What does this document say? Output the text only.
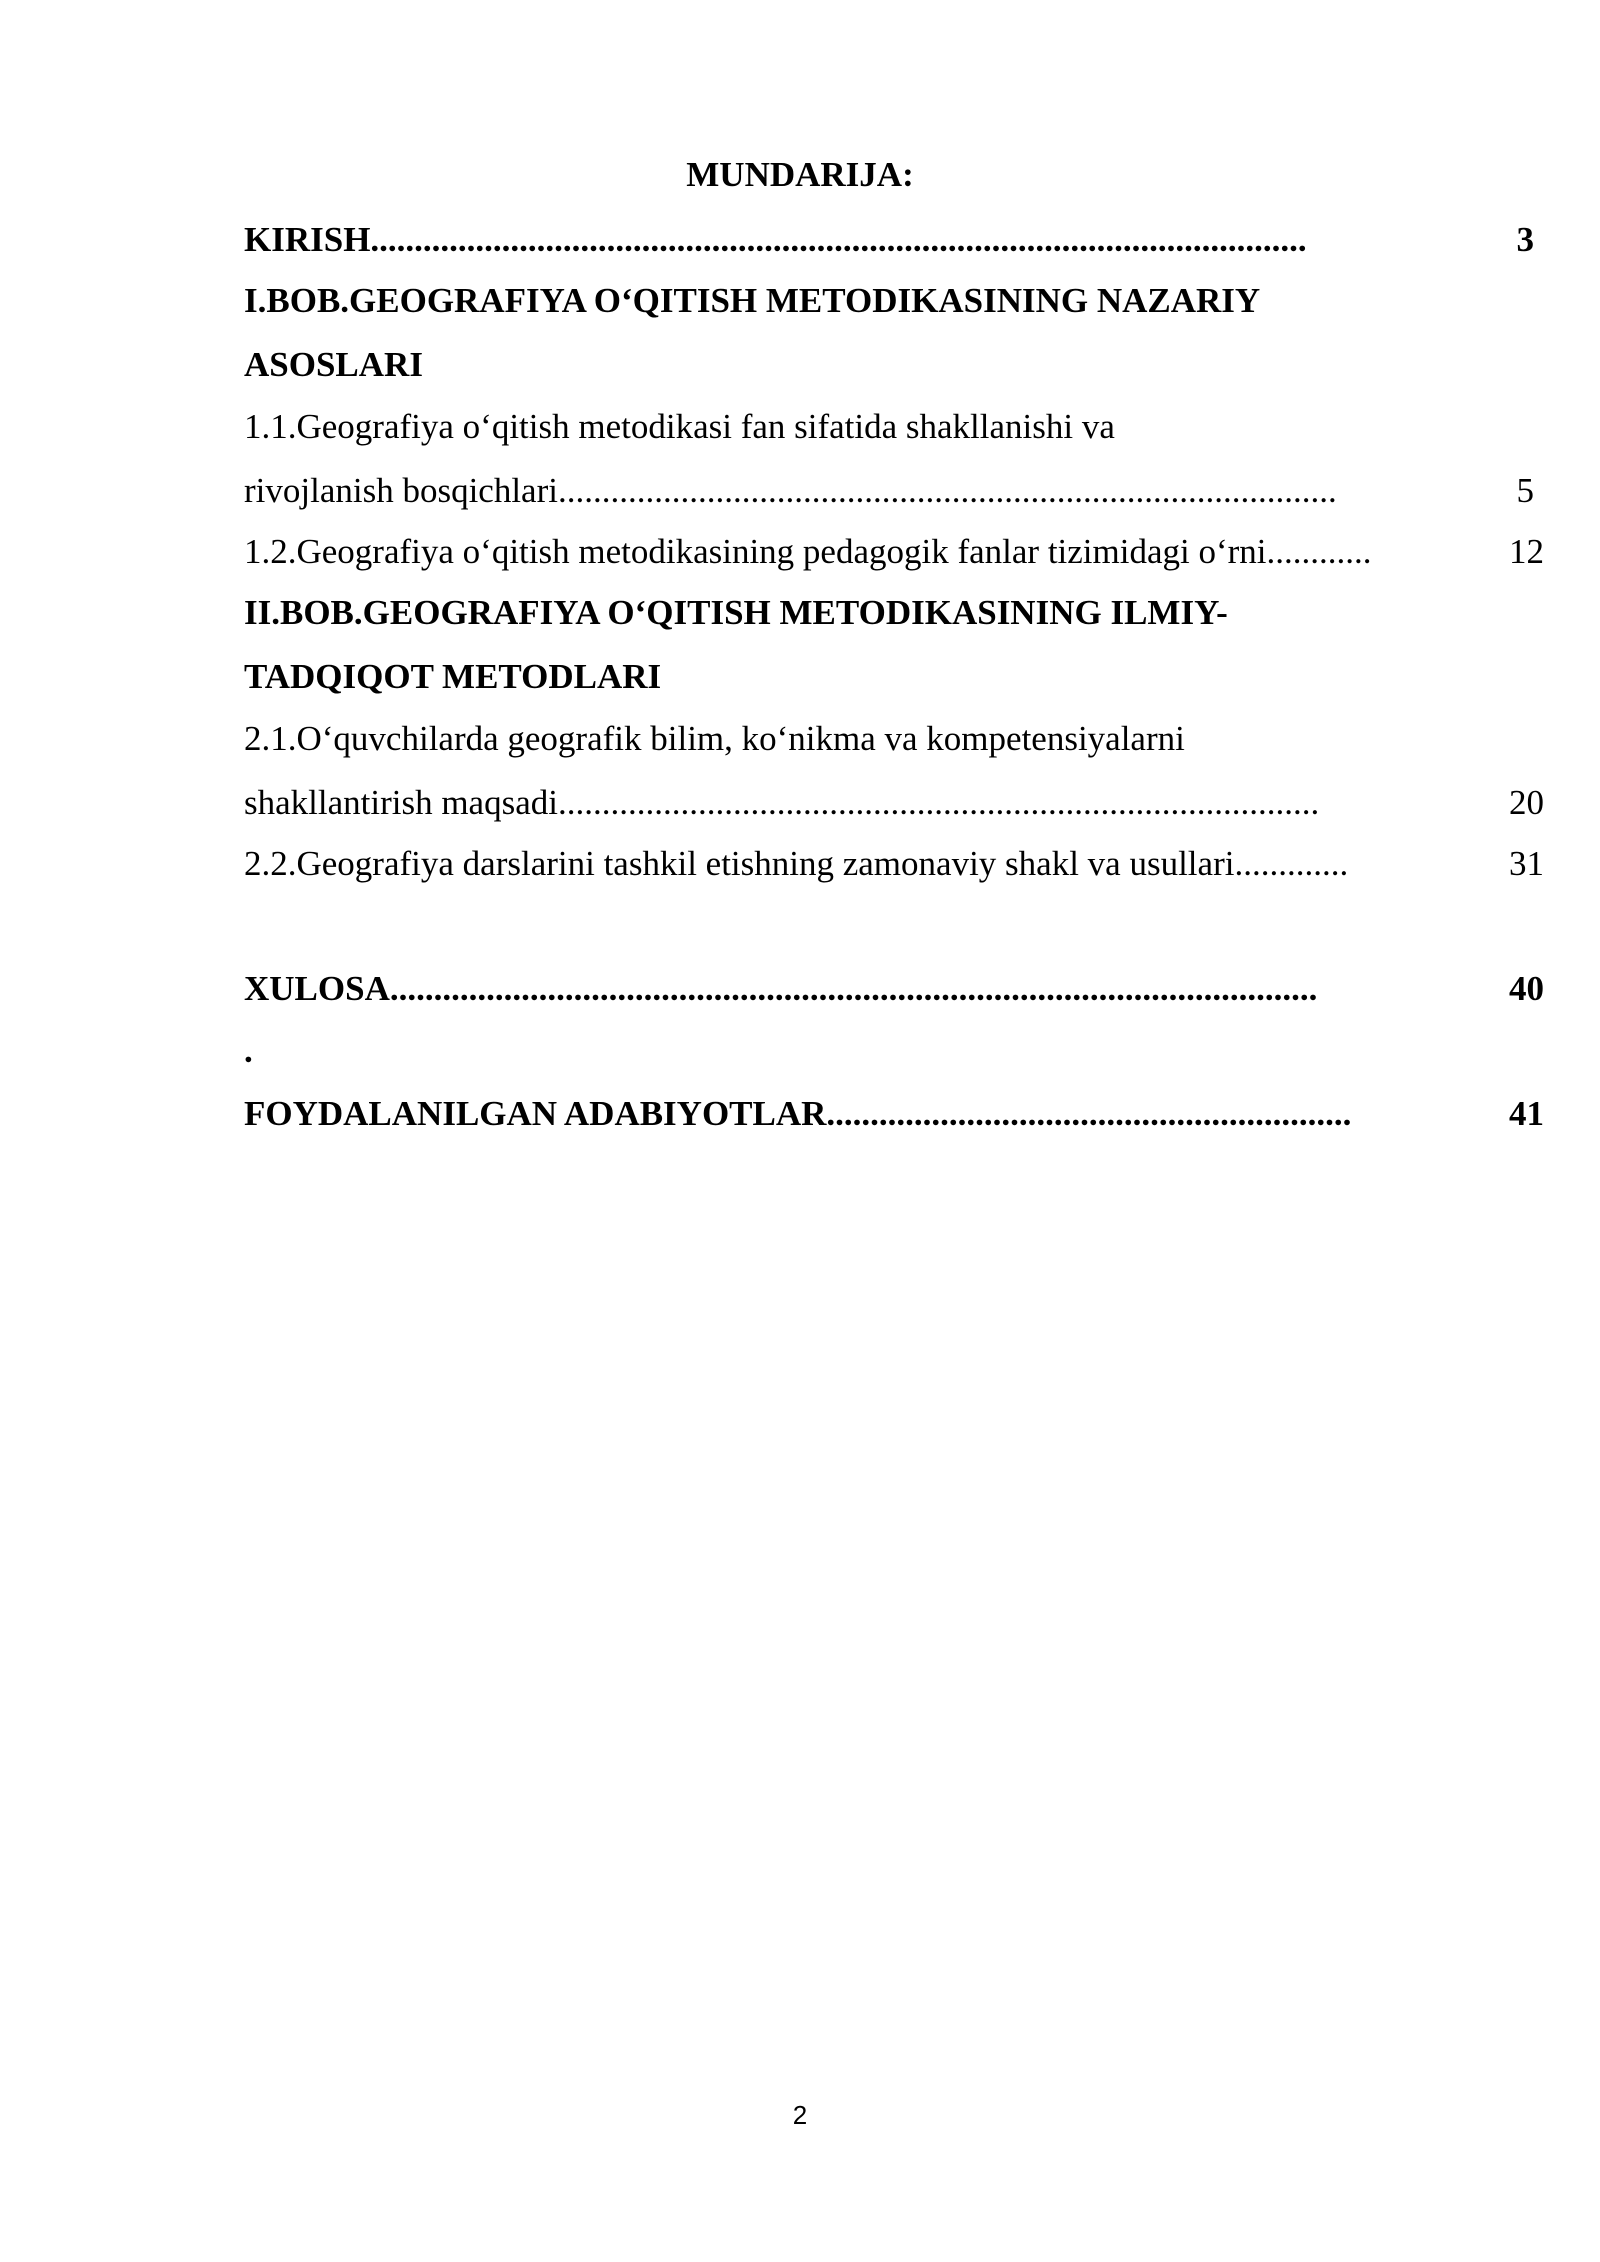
MUNDARIJA:
KIRISH...........................................................................................................	3
I.BOB.GEOGRAFIYA O‘QITISH METODIKASINING NAZARIY
ASOSLARI
1.1.Geografiya o‘qitish metodikasi fan sifatida shakllanishi va
rivojlanish bosqichlari.........................................................................................	5
1.2.Geografiya o‘qitish metodikasining pedagogik fanlar tizimidagi o‘rni............	12
II.BOB.GEOGRAFIYA O‘QITISH METODIKASINING ILMIY-
TADQIQOT METODLARI
2.1.O‘quvchilarda geografik bilim, ko‘nikma va kompetensiyalarni
shakllantirish maqsadi.......................................................................................	20
2.2.Geografiya darslarini tashkil etishning zamonaviy shakl va usullari.............	31
XULOSA..........................................................................................................	40
.
FOYDALANILGAN ADABIYOTLAR............................................................	41
2
